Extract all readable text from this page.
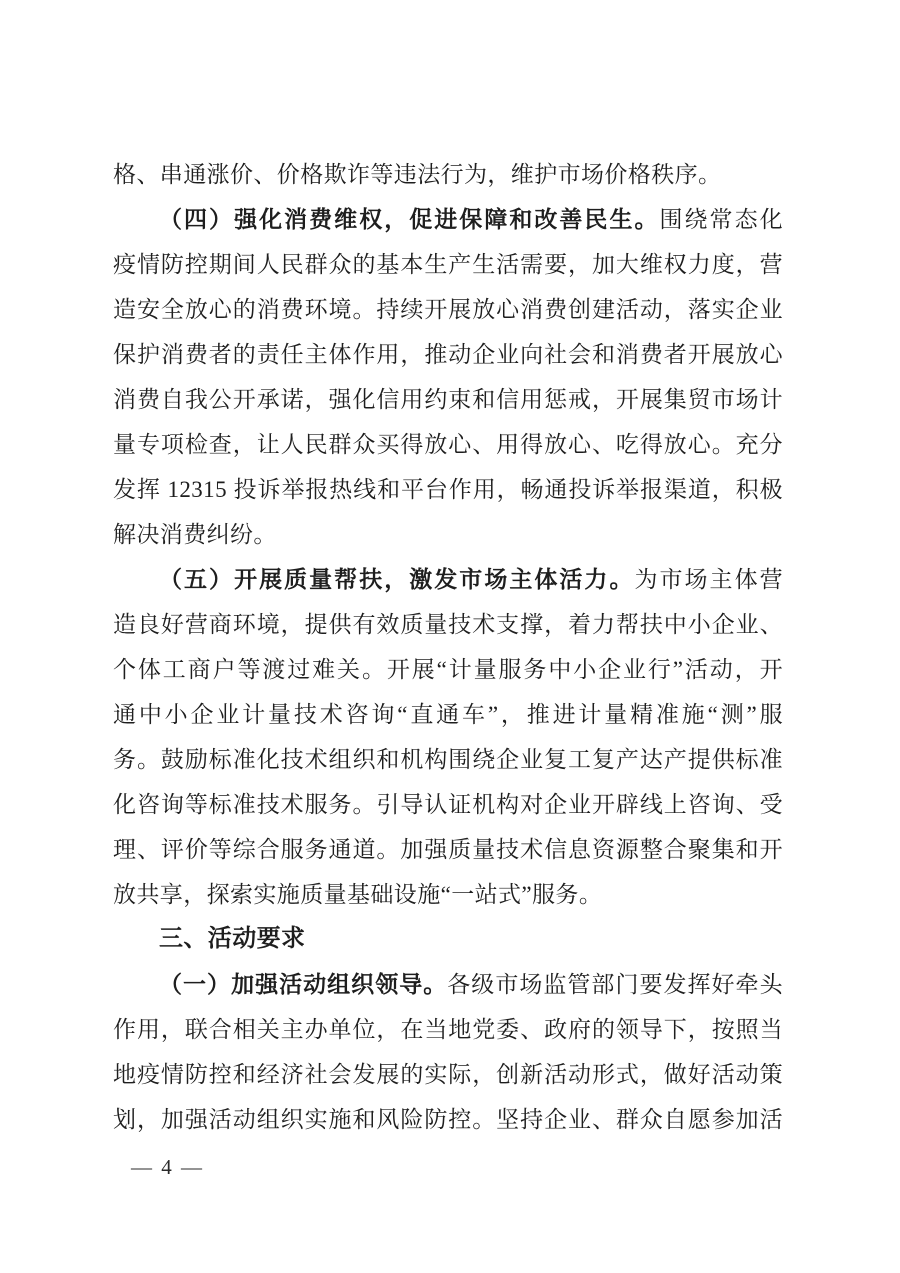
格、串通涨价、价格欺诈等违法行为，维护市场价格秩序。
（四）强化消费维权，促进保障和改善民生。围绕常态化
疫情防控期间人民群众的基本生产生活需要，加大维权力度，营
造安全放心的消费环境。持续开展放心消费创建活动，落实企业
保护消费者的责任主体作用，推动企业向社会和消费者开展放心
消费自我公开承诺，强化信用约束和信用惩戒，开展集贸市场计
量专项检查，让人民群众买得放心、用得放心、吃得放心。充分
发挥 12315 投诉举报热线和平台作用，畅通投诉举报渠道，积极
解决消费纠纷。
（五）开展质量帮扶，激发市场主体活力。为市场主体营
造良好营商环境，提供有效质量技术支撑，着力帮扶中小企业、
个体工商户等渡过难关。开展“计量服务中小企业行”活动，开
通中小企业计量技术咨询“直通车”，推进计量精准施“测”服
务。鼓励标准化技术组织和机构围绕企业复工复产达产提供标准
化咨询等标准技术服务。引导认证机构对企业开辟线上咨询、受
理、评价等综合服务通道。加强质量技术信息资源整合聚集和开
放共享，探索实施质量基础设施“一站式”服务。
三、活动要求
（一）加强活动组织领导。各级市场监管部门要发挥好牵头
作用，联合相关主办单位，在当地党委、政府的领导下，按照当
地疫情防控和经济社会发展的实际，创新活动形式，做好活动策
划，加强活动组织实施和风险防控。坚持企业、群众自愿参加活
— 4 —
